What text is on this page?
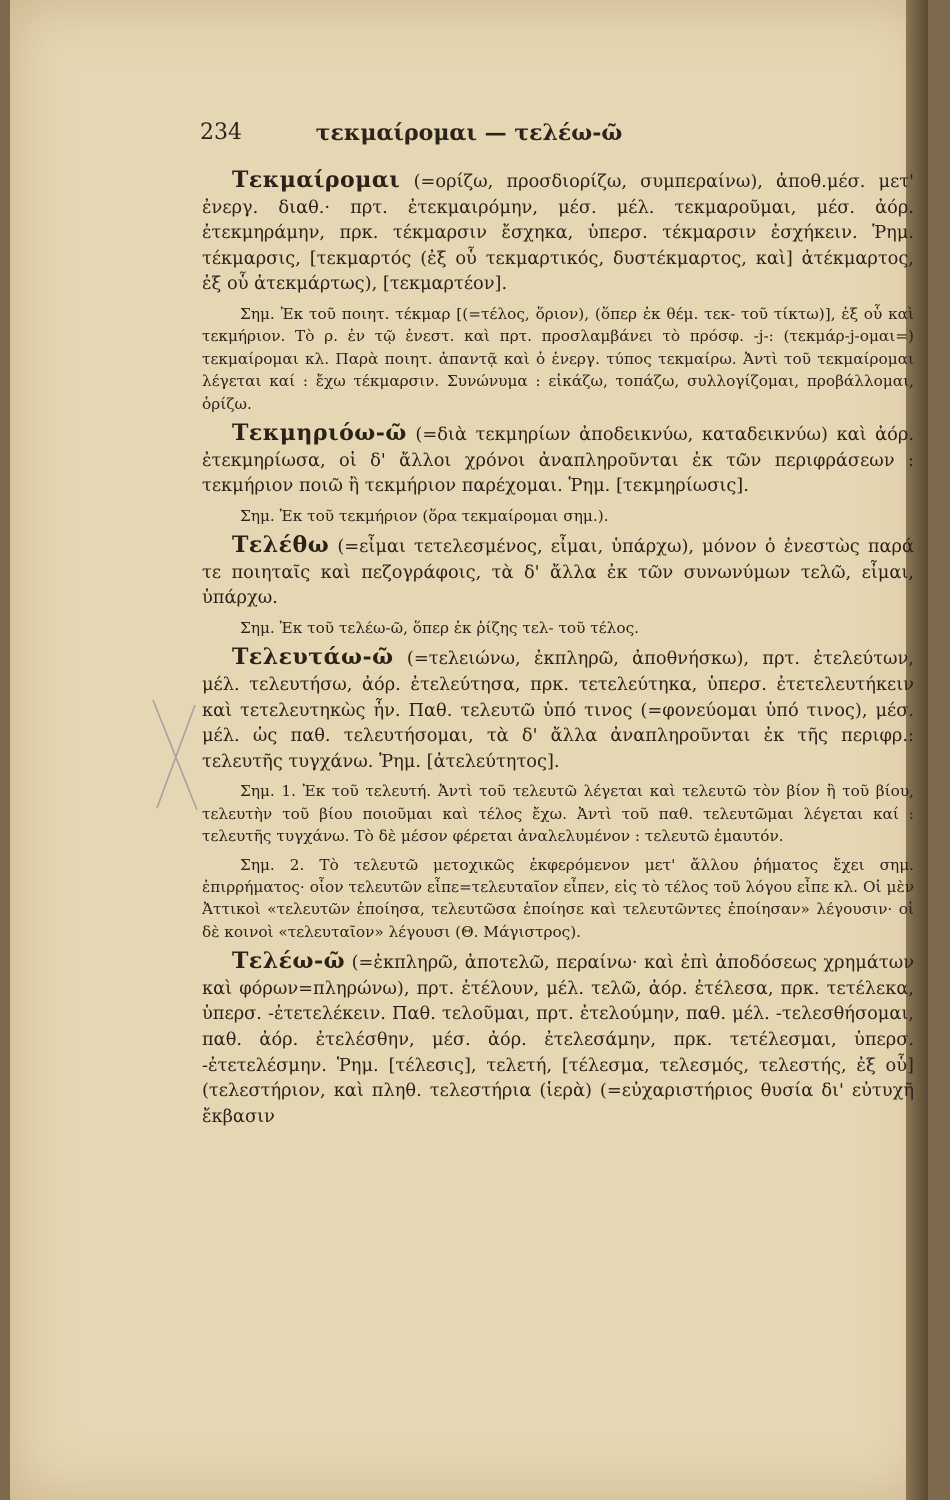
τεκμαίρομαι — τελέω-ῶ
234

Τεκμαίρομαι (=ορίζω, προσδιορίζω, συμπεραίνω), ἀποθ.μέσ. μετ' ἐνεργ. διαθ.· πρτ. ἐτεκμαιρόμην, μέσ. μέλ. τεκμαροῦμαι, μέσ. ἀόρ. ἐτεκμηράμην, πρκ. τέκμαρσιν ἔσχηκα, ὑπερσ. τέκμαρσιν ἐσχήκειν. Ῥημ. τέκμαρσις, [τεκμαρτός (ἐξ οὗ τεκμαρτικός, δυστέκμαρτος, καὶ] ἀτέκμαρτος, ἐξ οὗ ἀτεκμάρτως), [τεκμαρτέον].

Σημ. Ἐκ τοῦ ποιητ. τέκμαρ [(=τέλος, ὅριον), (ὅπερ ἐκ θέμ. τεκ- τοῦ τίκτω)], ἐξ οὗ καὶ τεκμήριον. Τὸ ρ. ἐν τῷ ἐνεστ. καὶ πρτ. προσλαμβάνει τὸ πρόσφ. -j-: (τεκμάρ-j-ομαι=) τεκμαίρομαι κλ. Παρὰ ποιητ. ἀπαντᾷ καὶ ὁ ἐνεργ. τύπος τεκμαίρω. Ἀντὶ τοῦ τεκμαίρομαι λέγεται καί : ἔχω τέκμαρσιν. Συνώνυμα : εἰκάζω, τοπάζω, συλλογίζομαι, προβάλλομαι, ὁρίζω.

Τεκμηριόω-ῶ (=διὰ τεκμηρίων ἀποδεικνύω, καταδεικνύω) καὶ ἀόρ. ἐτεκμηρίωσα, οἱ δ' ἄλλοι χρόνοι ἀναπληροῦνται ἐκ τῶν περιφράσεων : τεκμήριον ποιῶ ἢ τεκμήριον παρέχομαι. Ῥημ. [τεκμηρίωσις].

Σημ. Ἐκ τοῦ τεκμήριον (ὅρα τεκμαίρομαι σημ.).

Τελέθω (=εἶμαι τετελεσμένος, εἶμαι, ὑπάρχω), μόνον ὁ ἐνεστὼς παρά τε ποιηταῖς καὶ πεζογράφοις, τὰ δ' ἄλλα ἐκ τῶν συνωνύμων τελῶ, εἶμαι, ὑπάρχω.

Σημ. Ἐκ τοῦ τελέω-ῶ, ὅπερ ἐκ ῥίζης τελ- τοῦ τέλος.

Τελευτάω-ῶ (=τελειώνω, ἐκπληρῶ, ἀποθνήσκω), πρτ. ἐτελεύτων, μέλ. τελευτήσω, ἀόρ. ἐτελεύτησα, πρκ. τετελεύτηκα, ὑπερσ. ἐτετελευτήκειν καὶ τετελευτηκὼς ἦν. Παθ. τελευτῶ ὑπό τινος (=φονεύομαι ὑπό τινος), μέσ. μέλ. ὡς παθ. τελευτήσομαι, τὰ δ' ἄλλα ἀναπληροῦνται ἐκ τῆς περιφρ.: τελευτῆς τυγχάνω. Ῥημ. [ἀτελεύτητος].

Σημ. 1. Ἐκ τοῦ τελευτή. Ἀντὶ τοῦ τελευτῶ λέγεται καὶ τελευτῶ τὸν βίον ἢ τοῦ βίου, τελευτὴν τοῦ βίου ποιοῦμαι καὶ τέλος ἔχω. Ἀντὶ τοῦ παθ. τελευτῶμαι λέγεται καί : τελευτῆς τυγχάνω. Τὸ δὲ μέσον φέρεται ἀναλελυμένον : τελευτῶ ἐμαυτόν.

Σημ. 2. Τὸ τελευτῶ μετοχικῶς ἐκφερόμενον μετ' ἄλλου ῥήματος ἔχει σημ. ἐπιρρήματος· οἷον τελευτῶν εἶπε=τελευταῖον εἶπεν, εἰς τὸ τέλος τοῦ λόγου εἶπε κλ. Οἱ μὲν Ἀττικοὶ «τελευτῶν ἐποίησα, τελευτῶσα ἐποίησε καὶ τελευτῶντες ἐποίησαν» λέγουσιν· οἱ δὲ κοινοὶ «τελευταῖον» λέγουσι (Θ. Μάγιστρος).

Τελέω-ῶ (=ἐκπληρῶ, ἀποτελῶ, περαίνω· καὶ ἐπὶ ἀποδόσεως χρημάτων καὶ φόρων=πληρώνω), πρτ. ἐτέλουν, μέλ. τελῶ, ἀόρ. ἐτέλεσα, πρκ. τετέλεκα, ὑπερσ. -ἐτετελέκειν. Παθ. τελοῦμαι, πρτ. ἐτελούμην, παθ. μέλ. -τελεσθήσομαι, παθ. ἀόρ. ἐτελέσθην, μέσ. ἀόρ. ἐτελεσάμην, πρκ. τετέλεσμαι, ὑπερσ. -ἐτετελέσμην. Ῥημ. [τέλεσις], τελετή, [τέλεσμα, τελεσμός, τελεστής, ἐξ οὗ] (τελεστήριον, καὶ πληθ. τελεστήρια (ἱερὰ) (=εὐχαριστήριος θυσία δι' εὐτυχῆ ἔκβασιν
